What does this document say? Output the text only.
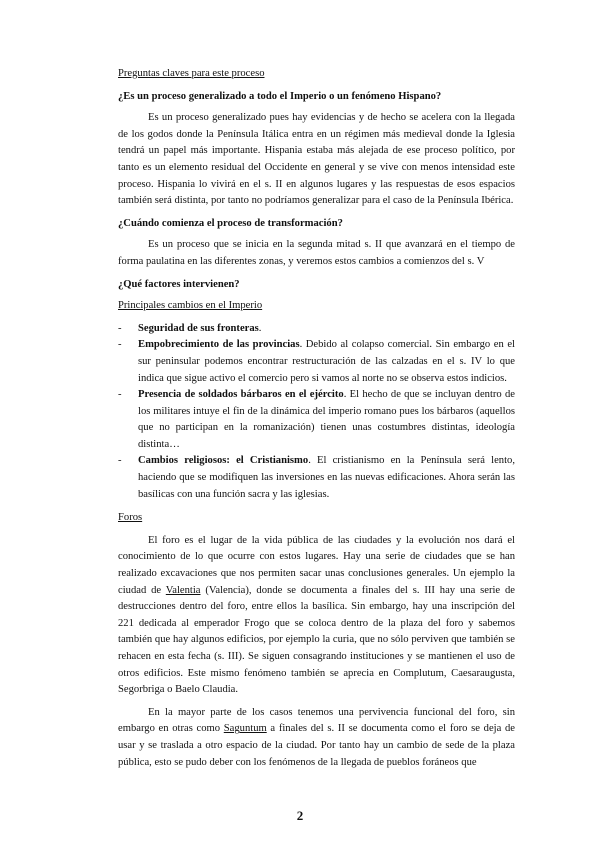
Preguntas claves para este proceso

¿Es un proceso generalizado a todo el Imperio o un fenómeno Hispano?

Es un proceso generalizado pues hay evidencias y de hecho se acelera con la llegada de los godos donde la Península Itálica entra en un régimen más medieval donde la Iglesia tendrá un papel más importante. Hispania estaba más alejada de ese proceso político, por tanto es un elemento residual del Occidente en general y se vive con menos intensidad este proceso. Hispania lo vivirá en el s. II en algunos lugares y las respuestas de esos espacios también será distinta, por tanto no podríamos generalizar para el caso de la Península Ibérica.

¿Cuándo comienza el proceso de transformación?

Es un proceso que se inicia en la segunda mitad s. II que avanzará en el tiempo de forma paulatina en las diferentes zonas, y veremos estos cambios a comienzos del s. V

¿Qué factores intervienen?

Principales cambios en el Imperio

- Seguridad de sus fronteras.
- Empobrecimiento de las provincias. Debido al colapso comercial. Sin embargo en el sur peninsular podemos encontrar restructuración de las calzadas en el s. IV lo que indica que sigue activo el comercio pero si vamos al norte no se observa estos indicios.
- Presencia de soldados bárbaros en el ejército. El hecho de que se incluyan dentro de los militares intuye el fin de la dinámica del imperio romano pues los bárbaros (aquellos que no participan en la romanización) tienen unas costumbres distintas, ideología distinta…
- Cambios religiosos: el Cristianismo. El cristianismo en la Península será lento, haciendo que se modifiquen las inversiones en las nuevas edificaciones. Ahora serán las basílicas con una función sacra y las iglesias.

Foros

El foro es el lugar de la vida pública de las ciudades y la evolución nos dará el conocimiento de lo que ocurre con estos lugares. Hay una serie de ciudades que se han realizado excavaciones que nos permiten sacar unas conclusiones generales. Un ejemplo la ciudad de Valentia (Valencia), donde se documenta a finales del s. III hay una serie de destrucciones dentro del foro, entre ellos la basílica. Sin embargo, hay una inscripción del 221 dedicada al emperador Frogo que se coloca dentro de la plaza del foro y sabemos también que hay algunos edificios, por ejemplo la curia, que no sólo perviven que también se rehacen en esta fecha (s. III). Se siguen consagrando instituciones y se mantienen el uso de otros edificios. Este mismo fenómeno también se aprecia en Complutum, Caesaraugusta, Segorbriga o Baelo Claudia.

En la mayor parte de los casos tenemos una pervivencia funcional del foro, sin embargo en otras como Saguntum a finales del s. II se documenta como el foro se deja de usar y se traslada a otro espacio de la ciudad. Por tanto hay un cambio de sede de la plaza pública, esto se pudo deber con los fenómenos de la llegada de pueblos foráneos que

2
